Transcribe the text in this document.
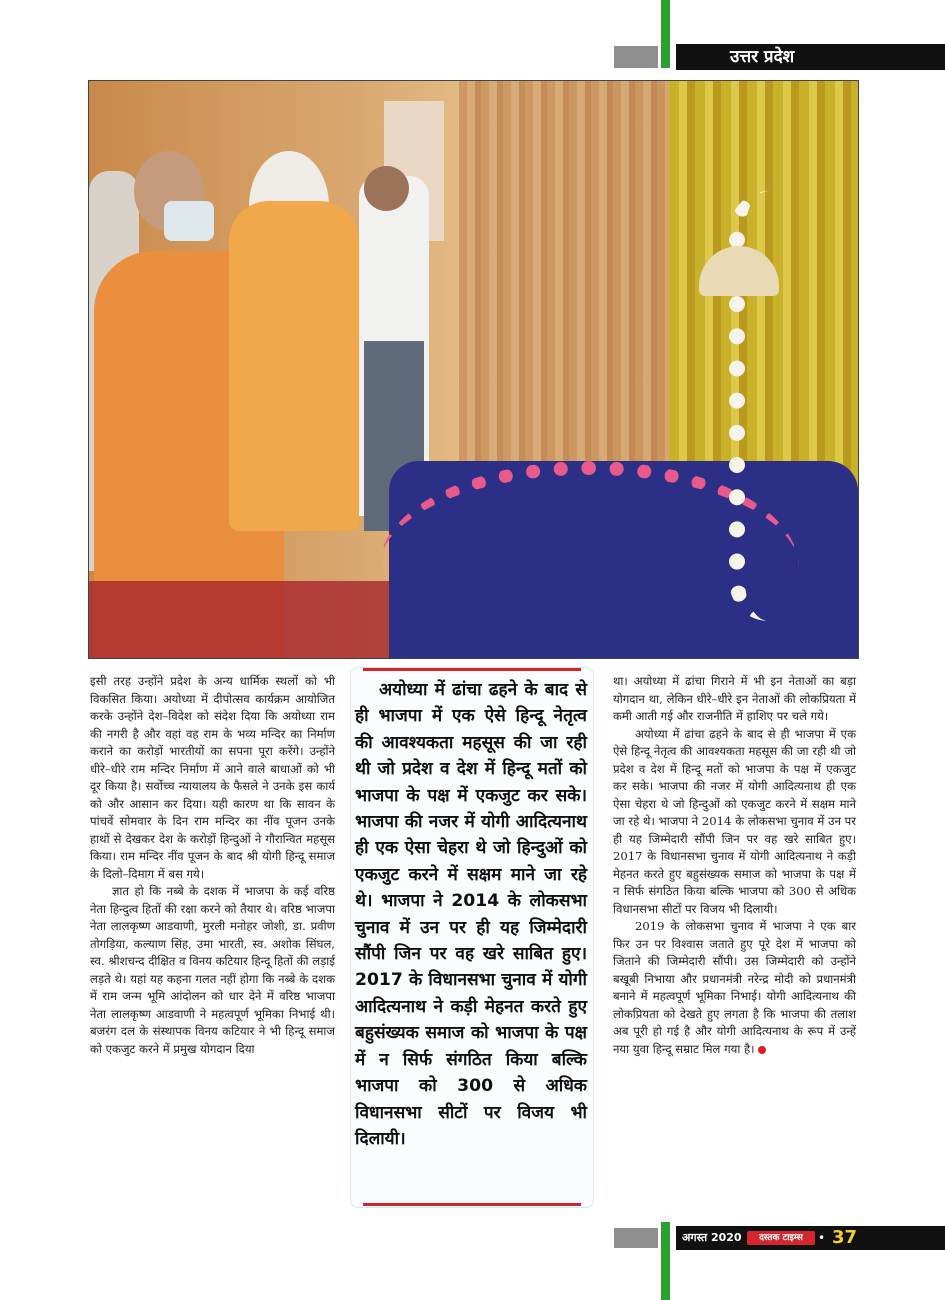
उत्तर प्रदेश

इसी तरह उन्होंने प्रदेश के अन्य धार्मिक स्थलों को भी विकसित किया। अयोध्या में दीपोत्सव कार्यक्रम आयोजित करके उन्होंने देश–विदेश को संदेश दिया कि अयोध्या राम की नगरी है और वहां वह राम के भव्य मन्दिर का निर्माण कराने का करोड़ों भारतीयों का सपना पूरा करेंगे। उन्होंने धीरे–धीरे राम मन्दिर निर्माण में आने वाले बाधाओं को भी दूर किया है। सर्वोच्च न्यायालय के फैसले ने उनके इस कार्य को और आसान कर दिया। यही कारण था कि सावन के पांचवें सोमवार के दिन राम मन्दिर का नींव पूजन उनके हाथों से देखकर देश के करोड़ों हिन्दुओं ने गौरान्वित महसूस किया। राम मन्दिर नींव पूजन के बाद श्री योगी हिन्दू समाज के दिलो–दिमाग में बस गये।

ज्ञात हो कि नब्बे के दशक में भाजपा के कई वरिष्ठ नेता हिन्दुत्व हितों की रक्षा करने को तैयार थे। वरिष्ठ भाजपा नेता लालकृष्ण आडवाणी, मुरली मनोहर जोशी, डा. प्रवीण तोगड़िया, कल्याण सिंह, उमा भारती, स्व. अशोक सिंघल, स्व. श्रीशचन्द दीक्षित व विनय कटियार हिन्दू हितों की लड़ाई लड़ते थे। यहां यह कहना गलत नहीं होगा कि नब्बे के दशक में राम जन्म भूमि आंदोलन को धार देने में वरिष्ठ भाजपा नेता लालकृष्ण आडवाणी ने महत्वपूर्ण भूमिका निभाई थी। बजरंग दल के संस्थापक विनय कटियार ने भी हिन्दू समाज को एकजुट करने में प्रमुख योगदान दिया

अयोध्या में ढांचा ढहने के बाद से ही भाजपा में एक ऐसे हिन्दू नेतृत्व की आवश्यकता महसूस की जा रही थी जो प्रदेश व देश में हिन्दू मतों को भाजपा के पक्ष में एकजुट कर सके। भाजपा की नजर में योगी आदित्यनाथ ही एक ऐसा चेहरा थे जो हिन्दुओं को एकजुट करने में सक्षम माने जा रहे थे। भाजपा ने 2014 के लोकसभा चुनाव में उन पर ही यह जिम्मेदारी सौंपी जिन पर वह खरे साबित हुए। 2017 के विधानसभा चुनाव में योगी आदित्यनाथ ने कड़ी मेहनत करते हुए बहुसंख्यक समाज को भाजपा के पक्ष में न सिर्फ संगठित किया बल्कि भाजपा को 300 से अधिक विधानसभा सीटों पर विजय भी दिलायी।

था। अयोध्या में ढांचा गिराने में भी इन नेताओं का बड़ा योगदान था, लेकिन धीरे–धीरे इन नेताओं की लोकप्रियता में कमी आती गई और राजनीति में हाशिए पर चले गये।

अयोध्या में ढांचा ढहने के बाद से ही भाजपा में एक ऐसे हिन्दू नेतृत्व की आवश्यकता महसूस की जा रही थी जो प्रदेश व देश में हिन्दू मतों को भाजपा के पक्ष में एकजुट कर सके। भाजपा की नजर में योगी आदित्यनाथ ही एक ऐसा चेहरा थे जो हिन्दुओं को एकजुट करने में सक्षम माने जा रहे थे। भाजपा ने 2014 के लोकसभा चुनाव में उन पर ही यह जिम्मेदारी सौंपी जिन पर वह खरे साबित हुए। 2017 के विधानसभा चुनाव में योगी आदित्यनाथ ने कड़ी मेहनत करते हुए बहुसंख्यक समाज को भाजपा के पक्ष में न सिर्फ संगठित किया बल्कि भाजपा को 300 से अधिक विधानसभा सीटों पर विजय भी दिलायी।

2019 के लोकसभा चुनाव में भाजपा ने एक बार फिर उन पर विश्वास जताते हुए पूरे देश में भाजपा को जिताने की जिम्मेदारी सौंपी। उस जिम्मेदारी को उन्होंने बखूबी निभाया और प्रधानमंत्री नरेन्द्र मोदी को प्रधानमंत्री बनाने में महत्वपूर्ण भूमिका निभाई। योगी आदित्यनाथ की लोकप्रियता को देखते हुए लगता है कि भाजपा की तलाश अब पूरी हो गई है और योगी आदित्यनाथ के रूप में उन्हें नया युवा हिन्दू सम्राट मिल गया है।

अगस्त 2020	दस्तक टाइम्स	• 37
